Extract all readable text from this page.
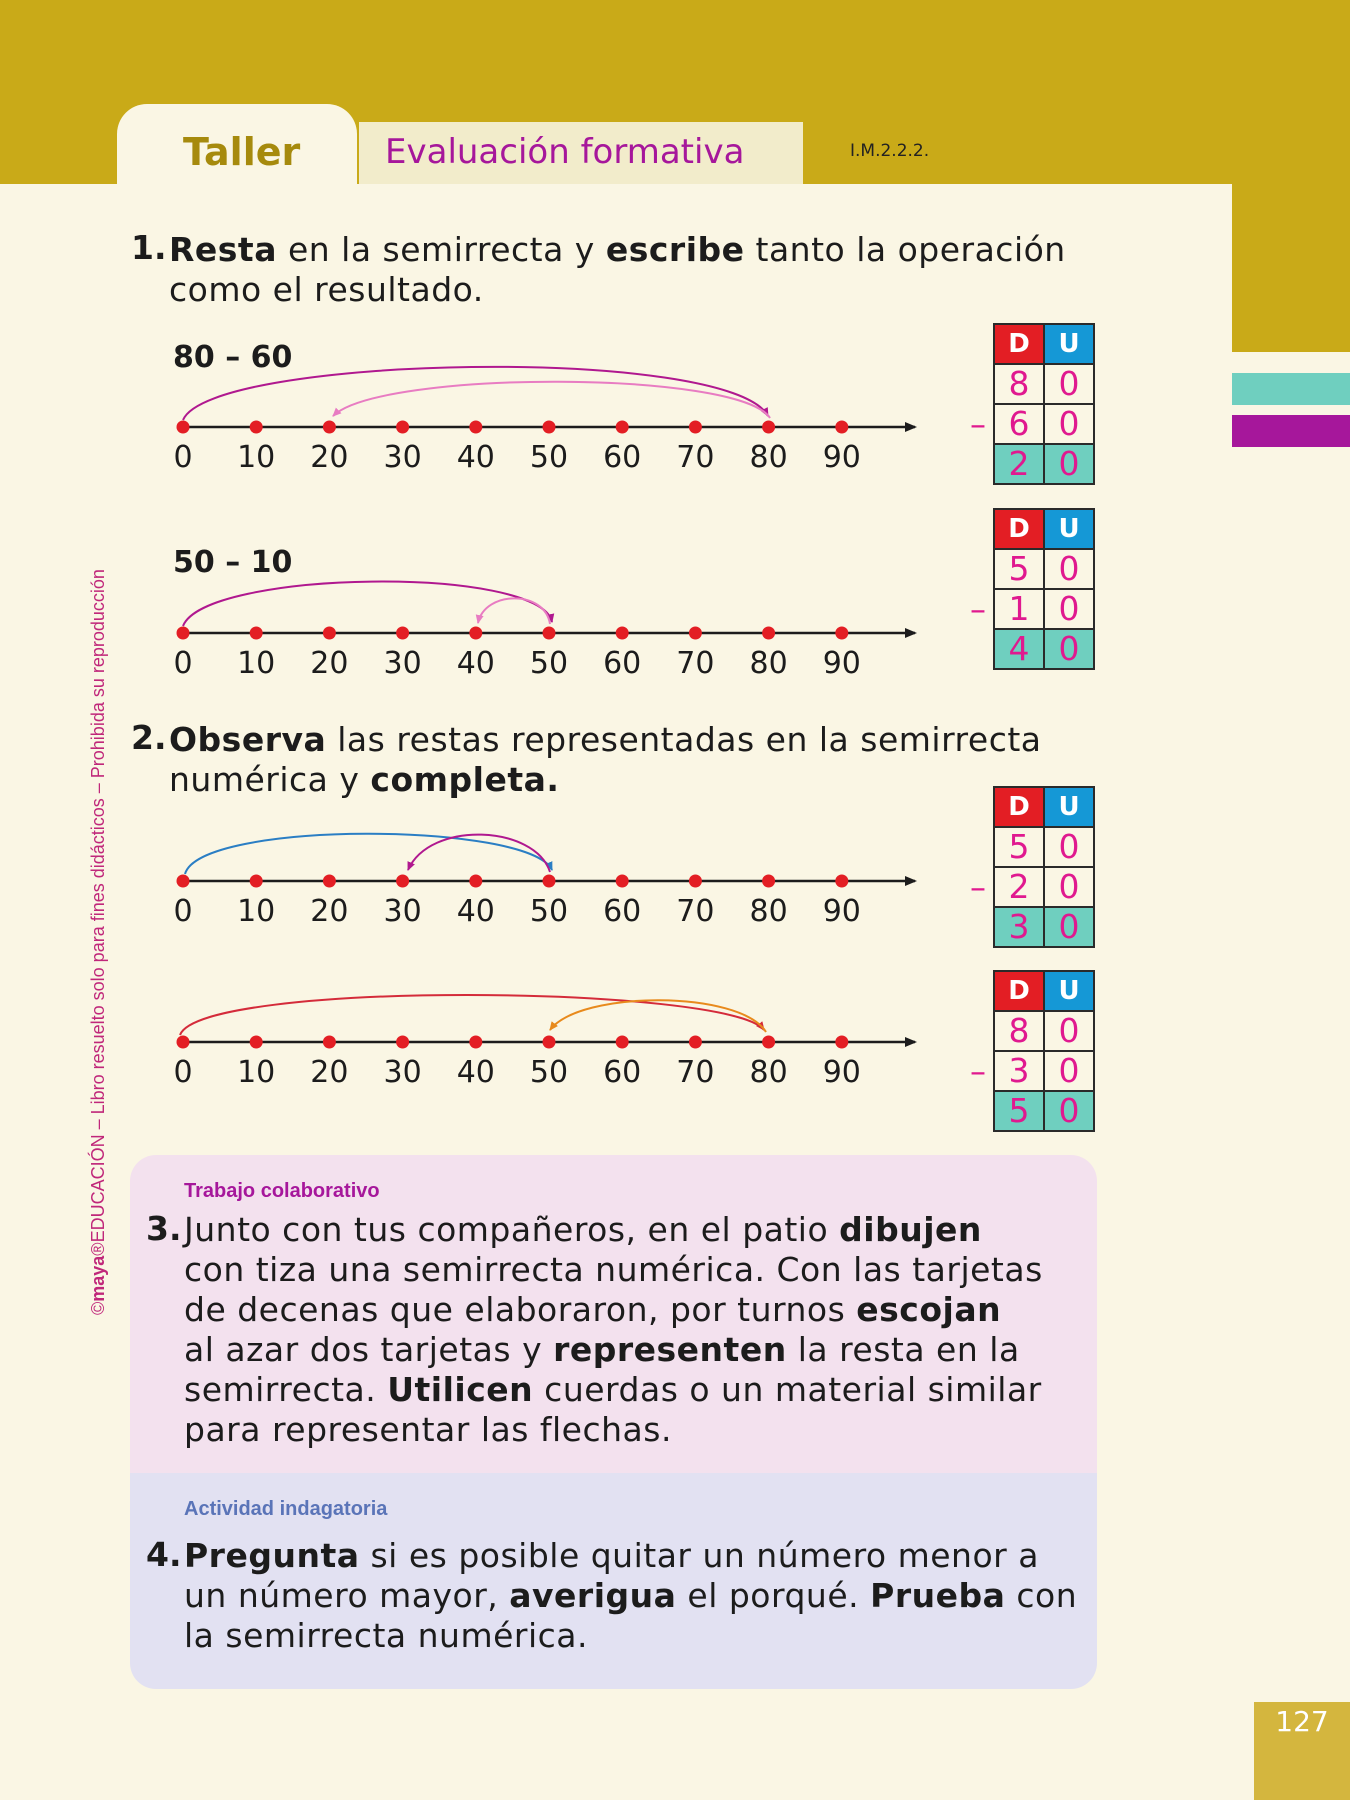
Taller Evaluación formativa	I.M.2.2.2.
©maya®EDUCACIÓN – Libro resuelto solo para fines didácticos – Prohibida su reproducción
1. Resta en la semirrecta y escribe tanto la operación
como el resultado.
2. Observa las restas representadas en la semirrecta
numérica y completa.
80 – 60
50 – 10
0	10	20	30	40	50	60	70	80	90
0	10	20	30	40	50	60	70	80	90
0	10	20	30	40	50	60	70	80	90
0	10	20	30	40	50	60	70	80	90
–
D	U
8	0
6	0
2	0
–
D	U
5	0
1	0
4	0
–
D	U
5	0
2	0
3	0
–
D	U
8	0
3	0
5	0
Trabajo colaborativo
3. Junto con tus compañeros, en el patio dibujen
con tiza una semirrecta numérica. Con las tarjetas
de decenas que elaboraron, por turnos escojan
al azar dos tarjetas y representen la resta en la
semirrecta. Utilicen cuerdas o un material similar
para representar las flechas.
Actividad indagatoria
4. Pregunta si es posible quitar un número menor a
un número mayor, averigua el porqué. Prueba con
la semirrecta numérica.
127
